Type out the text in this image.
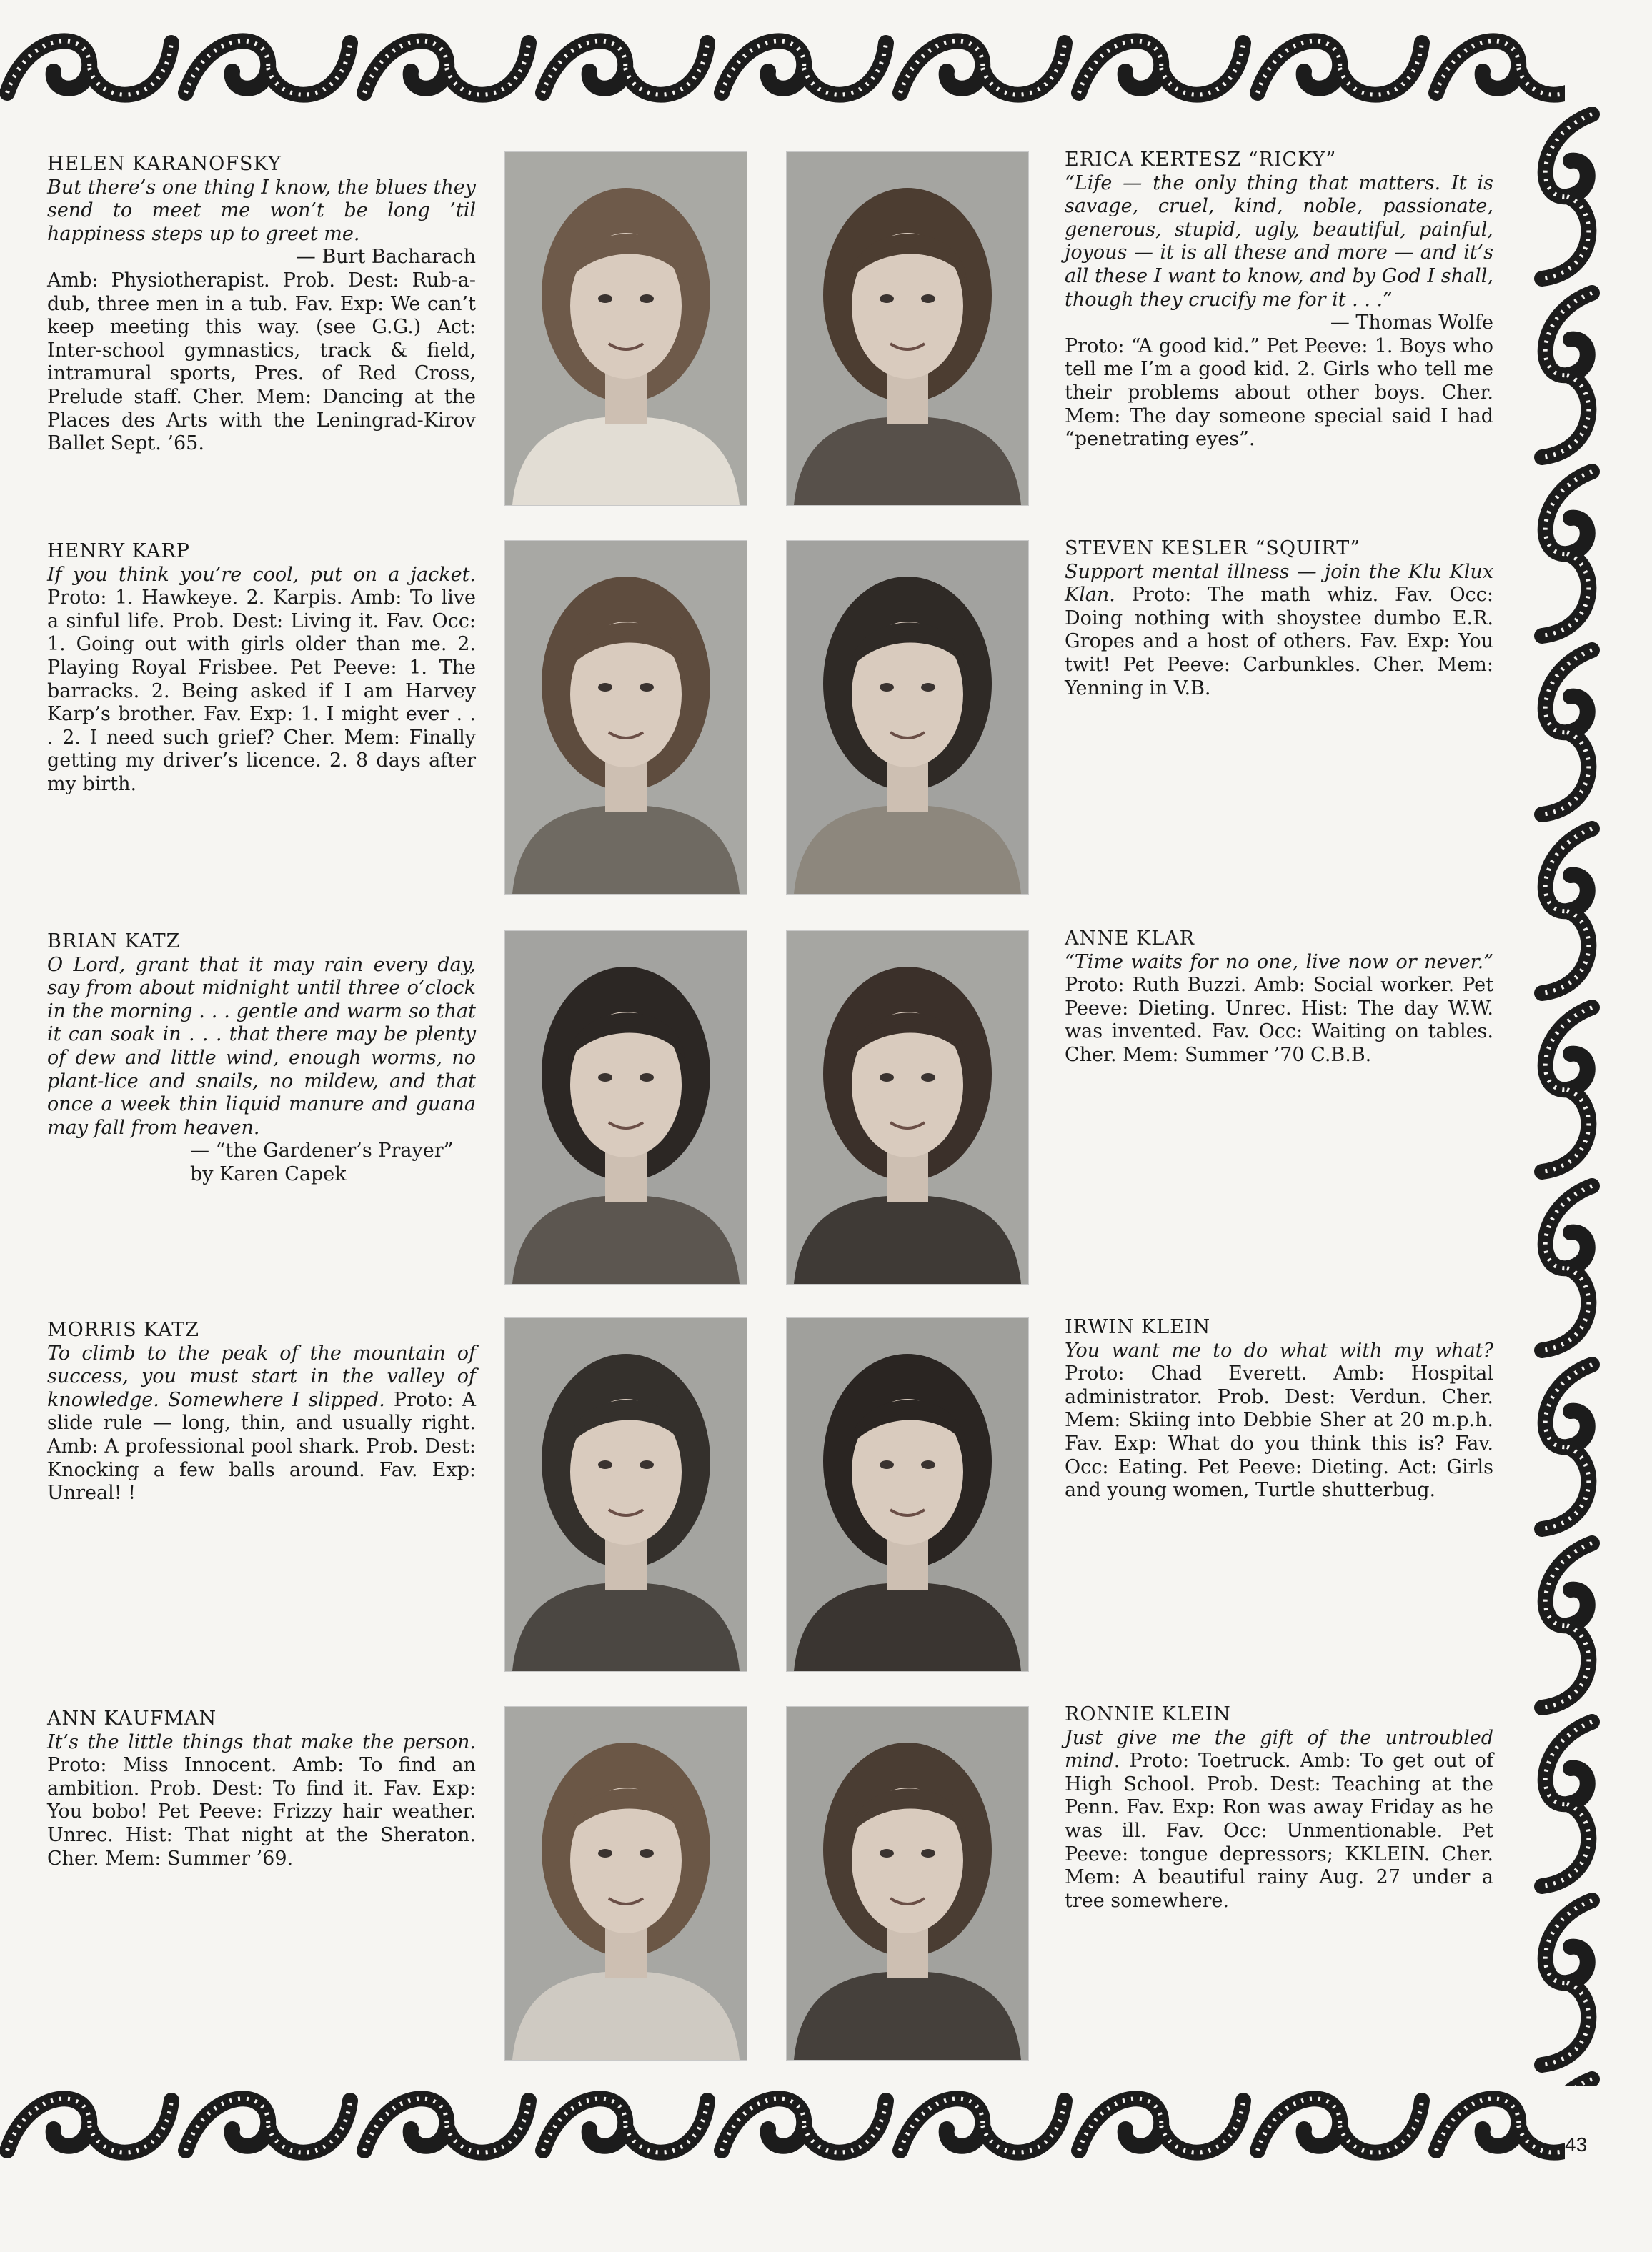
HELEN KARANOFSKY
But there’s one thing I know, the blues they send to meet me won’t be long ’til happiness steps up to greet me.
— Burt Bacharach
Amb: Physiotherapist. Prob. Dest: Rub-a-dub, three men in a tub. Fav. Exp: We can’t keep meeting this way. (see G.G.) Act: Inter-school gymnastics, track & field, intramural sports, Pres. of Red Cross, Prelude staff. Cher. Mem: Dancing at the Places des Arts with the Leningrad-Kirov Ballet Sept. ’65.
ERICA KERTESZ “RICKY”
“Life — the only thing that matters. It is savage, cruel, kind, noble, passionate, generous, stupid, ugly, beautiful, painful, joyous — it is all these and more — and it’s all these I want to know, and by God I shall, though they crucify me for it . . .”
— Thomas Wolfe
Proto: “A good kid.” Pet Peeve: 1. Boys who tell me I’m a good kid. 2. Girls who tell me their problems about other boys. Cher. Mem: The day someone special said I had “penetrating eyes”.
HENRY KARP
If you think you’re cool, put on a jacket. Proto: 1. Hawkeye. 2. Karpis. Amb: To live a sinful life. Prob. Dest: Living it. Fav. Occ: 1. Going out with girls older than me. 2. Playing Royal Frisbee. Pet Peeve: 1. The barracks. 2. Being asked if I am Harvey Karp’s brother. Fav. Exp: 1. I might ever . . . 2. I need such grief? Cher. Mem: Finally getting my driver’s licence. 2. 8 days after my birth.
STEVEN KESLER “SQUIRT”
Support mental illness — join the Klu Klux Klan. Proto: The math whiz. Fav. Occ: Doing nothing with shoystee dumbo E.R. Gropes and a host of others. Fav. Exp: You twit! Pet Peeve: Carbunkles. Cher. Mem: Yenning in V.B.
BRIAN KATZ
O Lord, grant that it may rain every day, say from about midnight until three o’clock in the morning . . . gentle and warm so that it can soak in . . . that there may be plenty of dew and little wind, enough worms, no plant-lice and snails, no mildew, and that once a week thin liquid manure and guana may fall from heaven.
— “the Gardener’s Prayer” by Karen Capek
ANNE KLAR
“Time waits for no one, live now or never.” Proto: Ruth Buzzi. Amb: Social worker. Pet Peeve: Dieting. Unrec. Hist: The day W.W. was invented. Fav. Occ: Waiting on tables. Cher. Mem: Summer ’70 C.B.B.
MORRIS KATZ
To climb to the peak of the mountain of success, you must start in the valley of knowledge. Somewhere I slipped. Proto: A slide rule — long, thin, and usually right. Amb: A professional pool shark. Prob. Dest: Knocking a few balls around. Fav. Exp: Unreal! !
IRWIN KLEIN
You want me to do what with my what? Proto: Chad Everett. Amb: Hospital administrator. Prob. Dest: Verdun. Cher. Mem: Skiing into Debbie Sher at 20 m.p.h. Fav. Exp: What do you think this is? Fav. Occ: Eating. Pet Peeve: Dieting. Act: Girls and young women, Turtle shutterbug.
ANN KAUFMAN
It’s the little things that make the person. Proto: Miss Innocent. Amb: To find an ambition. Prob. Dest: To find it. Fav. Exp: You bobo! Pet Peeve: Frizzy hair weather. Unrec. Hist: That night at the Sheraton. Cher. Mem: Summer ’69.
RONNIE KLEIN
Just give me the gift of the untroubled mind. Proto: Toetruck. Amb: To get out of High School. Prob. Dest: Teaching at the Penn. Fav. Exp: Ron was away Friday as he was ill. Fav. Occ: Unmentionable. Pet Peeve: tongue depressors; KKLEIN. Cher. Mem: A beautiful rainy Aug. 27 under a tree somewhere.
43
